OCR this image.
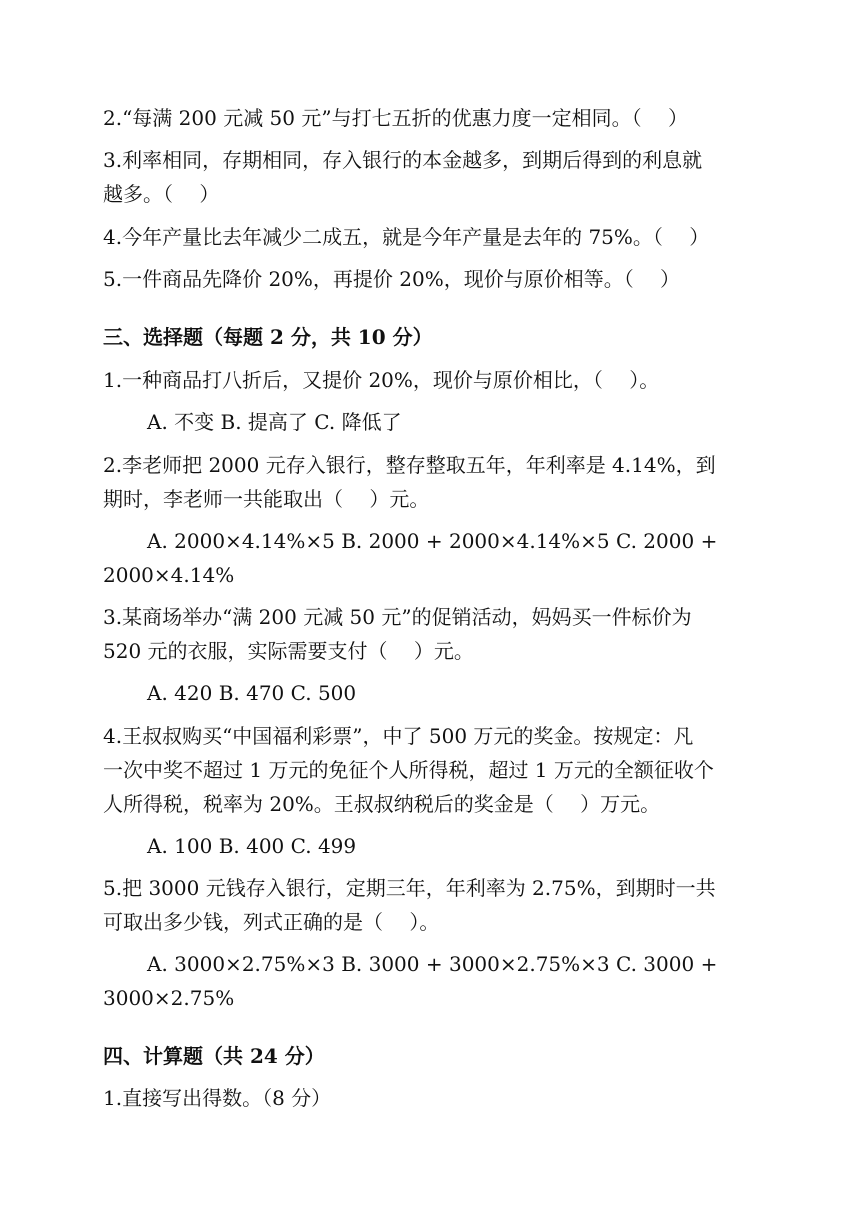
2.“每满 200 元减 50 元”与打七五折的优惠力度一定相同。（　 ）
3.利率相同，存期相同，存入银行的本金越多，到期后得到的利息就
越多。（　 ）
4.今年产量比去年减少二成五，就是今年产量是去年的 75%。（　 ）
5.一件商品先降价 20%，再提价 20%，现价与原价相等。（　 ）
三、选择题（每题 2 分，共 10 分）
1.一种商品打八折后，又提价 20%，现价与原价相比，（　 ）。
A. 不变 B. 提高了 C. 降低了
2.李老师把 2000 元存入银行，整存整取五年，年利率是 4.14%，到
期时，李老师一共能取出（　 ）元。
A. 2000×4.14%×5 B. 2000 + 2000×4.14%×5 C. 2000 +
2000×4.14%
3.某商场举办“满 200 元减 50 元”的促销活动，妈妈买一件标价为
520 元的衣服，实际需要支付（　 ）元。
A. 420 B. 470 C. 500
4.王叔叔购买“中国福利彩票”，中了 500 万元的奖金。按规定：凡
一次中奖不超过 1 万元的免征个人所得税，超过 1 万元的全额征收个
人所得税，税率为 20%。王叔叔纳税后的奖金是（　 ）万元。
A. 100 B. 400 C. 499
5.把 3000 元钱存入银行，定期三年，年利率为 2.75%，到期时一共
可取出多少钱，列式正确的是（　 ）。
A. 3000×2.75%×3 B. 3000 + 3000×2.75%×3 C. 3000 +
3000×2.75%
四、计算题（共 24 分）
1.直接写出得数。（8 分）
